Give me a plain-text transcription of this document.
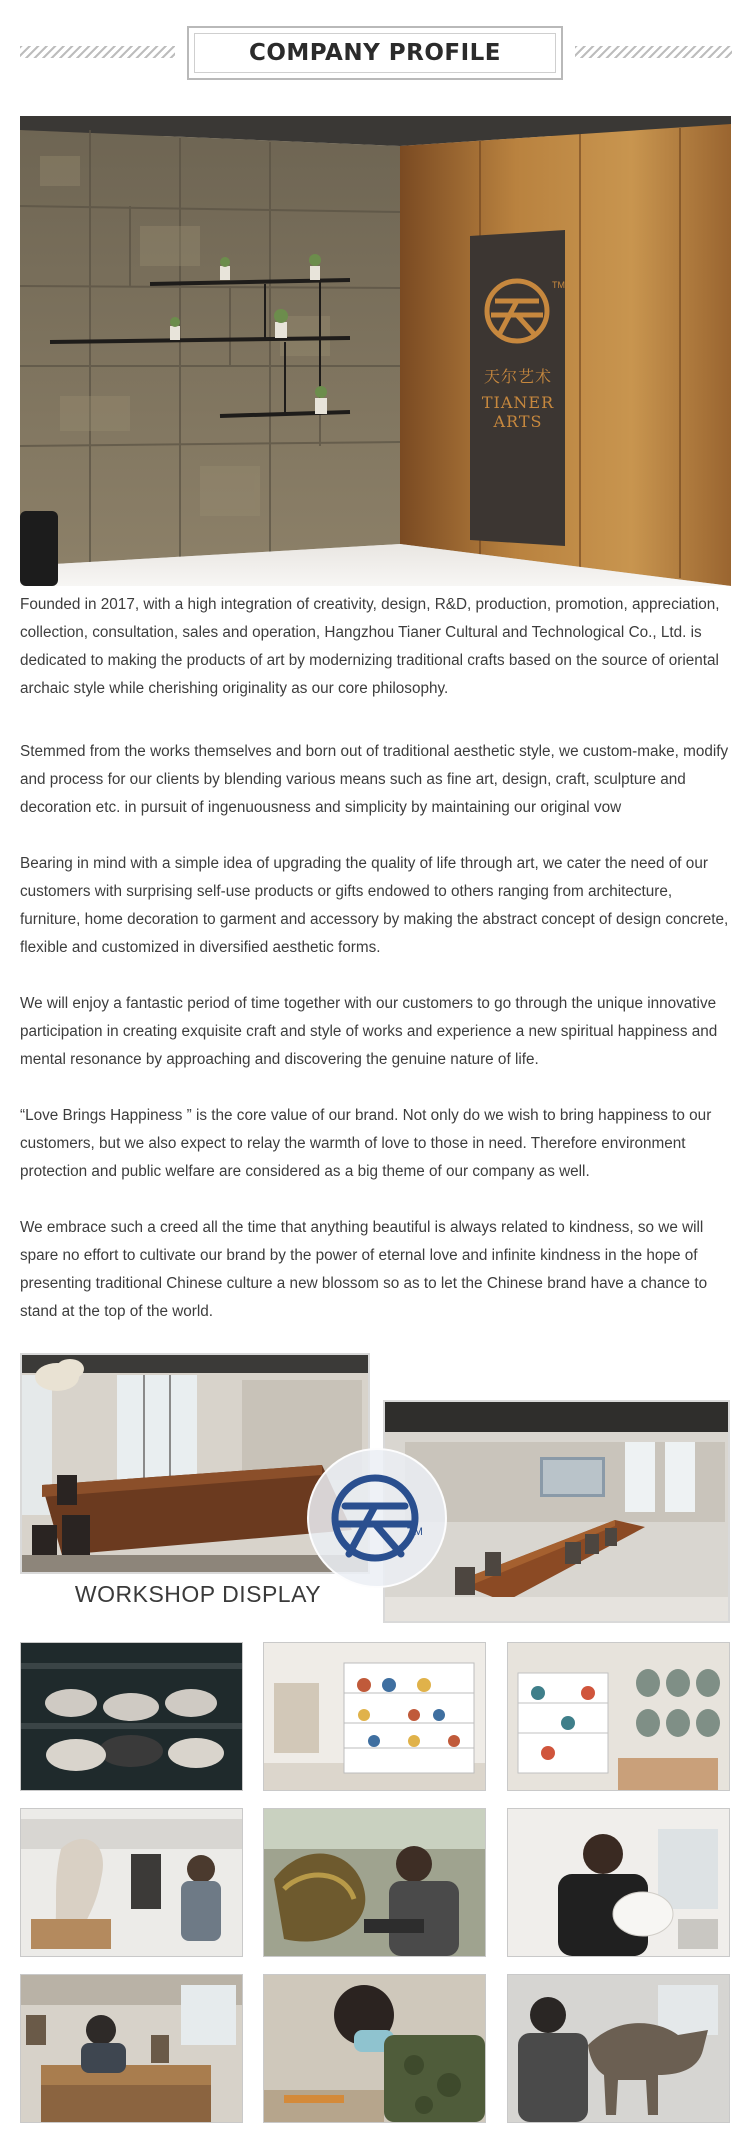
COMPANY PROFILE
天尔艺术
TIANER
ARTS
TM

Founded in 2017, with a high integration of creativity, design, R&D, production, promotion, appreciation, collection, consultation, sales and operation, Hangzhou Tianer Cultural and Technological Co., Ltd. is dedicated to making the products of art by modernizing traditional crafts based on the source of oriental archaic style while cherishing originality as our core philosophy.

Stemmed from the works themselves and born out of traditional aesthetic style, we custom-make, modify and process for our clients by blending various means such as fine art, design, craft, sculpture and decoration etc. in pursuit of ingenuousness and simplicity by maintaining our original vow

Bearing in mind with a simple idea of upgrading the quality of life through art, we cater the need of our customers with surprising self-use products or gifts endowed to others ranging from architecture, furniture, home decoration to garment and accessory by making the abstract concept of design concrete, flexible and customized in diversified aesthetic forms.

We will enjoy a fantastic period of time together with our customers to go through the unique innovative participation in creating exquisite craft and style of works and experience a new spiritual happiness and mental resonance by approaching and discovering the genuine nature of life.

“Love Brings Happiness ” is the core value of our brand. Not only do we wish to bring happiness to our customers, but we also expect to relay the warmth of love to those in need. Therefore environment protection and public welfare are considered as a big theme of our company as well.

We embrace such a creed all the time that anything beautiful is always related to kindness, so we will spare no effort to cultivate our brand by the power of eternal love and infinite kindness in the hope of presenting traditional Chinese culture a new blossom so as to let the Chinese brand have a chance to stand at the top of the world.

TM
WORKSHOP DISPLAY
